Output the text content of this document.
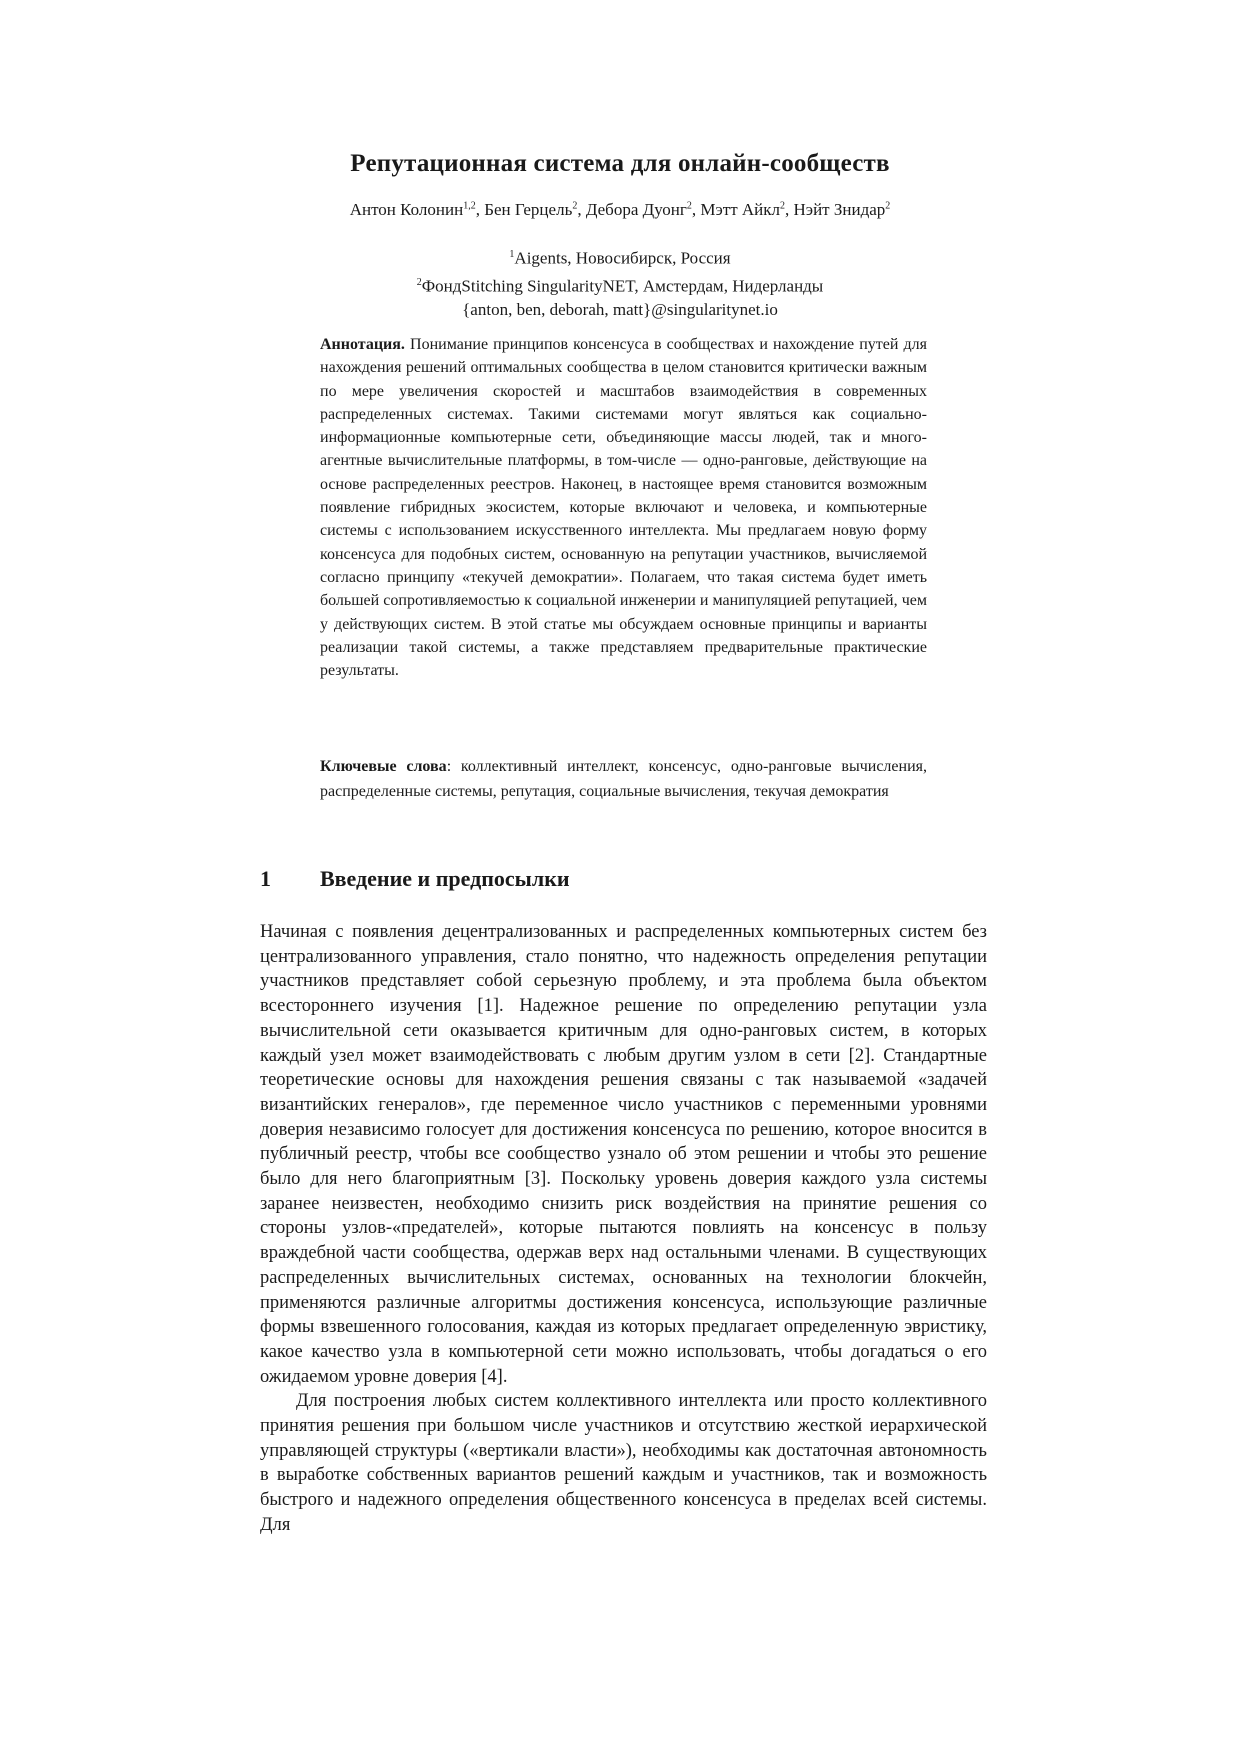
Репутационная система для онлайн-сообществ
Антон Колонин$^{1,2}$, Бен Герцель$^2$, Дебора Дуонг$^2$, Мэтт Айкл$^2$, Нэйт Знидар$^2$
$^1$Aigents, Новосибирск, Россия
$^2$ФондStitching SingularityNET, Амстердам, Нидерланды
{anton, ben, deborah, matt}@singularitynet.io
Аннотация. Понимание принципов консенсуса в сообществах и нахождение путей для нахождения решений оптимальных сообщества в целом становится критически важным по мере увеличения скоростей и масштабов взаимодействия в современных распределенных системах. Такими системами могут являться как социально-информационные компьютерные сети, объединяющие массы людей, так и много-агентные вычислительные платформы, в том-числе — одно-ранговые, действующие на основе распределенных реестров. Наконец, в настоящее время становится возможным появление гибридных экосистем, которые включают и человека, и компьютерные системы с использованием искусственного интеллекта. Мы предлагаем новую форму консенсуса для подобных систем, основанную на репутации участников, вычисляемой согласно принципу «текучей демократии». Полагаем, что такая система будет иметь большей сопротивляемостью к социальной инженерии и манипуляцией репутацией, чем у действующих систем. В этой статье мы обсуждаем основные принципы и варианты реализации такой системы, а также представляем предварительные практические результаты.
Ключевые слова: коллективный интеллект, консенсус, одно-ранговые вычисления, распределенные системы, репутация, социальные вычисления, текучая демократия
1 Введение и предпосылки

Начиная с появления децентрализованных и распределенных компьютерных систем без централизованного управления, стало понятно, что надежность определения репутации участников представляет собой серьезную проблему, и эта проблема была объектом всестороннего изучения [1]. Надежное решение по определению репутации узла вычислительной сети оказывается критичным для одно-ранговых систем, в которых каждый узел может взаимодействовать с любым другим узлом в сети [2]. Стандартные теоретические основы для нахождения решения связаны с так называемой «задачей византийских генералов», где переменное число участников с переменными уровнями доверия независимо голосует для достижения консенсуса по решению, которое вносится в публичный реестр, чтобы все сообщество узнало об этом решении и чтобы это решение было для него благоприятным [3]. Поскольку уровень доверия каждого узла системы заранее неизвестен, необходимо снизить риск воздействия на принятие решения со стороны узлов-«предателей», которые пытаются повлиять на консенсус в пользу враждебной части сообщества, одержав верх над остальными членами. В существующих распределенных вычислительных системах, основанных на технологии блокчейн, применяются различные алгоритмы достижения консенсуса, использующие различные формы взвешенного голосования, каждая из которых предлагает определенную эвристику, какое качество узла в компьютерной сети можно использовать, чтобы догадаться о его ожидаемом уровне доверия [4].

Для построения любых систем коллективного интеллекта или просто коллективного принятия решения при большом числе участников и отсутствию жесткой иерархической управляющей структуры («вертикали власти»), необходимы как достаточная автономность в выработке собственных вариантов решений каждым и участников, так и возможность быстрого и надежного определения общественного консенсуса в пределах всей системы. Для
